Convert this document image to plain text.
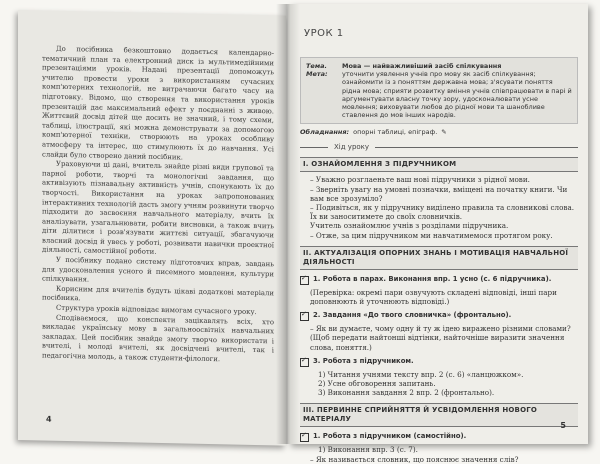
До посібника безкоштовно додається календарно-тематичний план та електронний диск із мультимедійними презентаціями уроків. Надані презентації допоможуть учителю провести уроки з використанням сучасних комп'ютерних технологій, не витрачаючи багато часу на підготовку. Відомо, що створення та використання уроків презентацій дає максимальний ефект у поєднанні з живою. Життєвий досвід дітей ще досить не значний, і тому схеми, таблиці, ілюстрації, які можна демонструвати за допомогою комп'ютерної техніки, створюють на уроках особливу атмосферу та інтерес, що стимулюють їх до навчання. Усі слайди було створено даний посібник.

Ураховуючи ці дані, вчитель знайде різні види групової та парної роботи, творчі та монологічні завдання, що активізують пізнавальну активність учнів, спонукають їх до творчості. Використання на уроках запропонованих інтерактивних технологій дасть змогу учням розвинути творчо підходити до засвоєння навчального матеріалу, вчить їх аналізувати, узагальнювати, робити висновки, а також вчить діти ділитися і розв'язувати життєві ситуації, збагачуючи власний досвід й увесь у роботі, розвивати навички проектної діяльності, самостійної роботи.

У посібнику подано систему підготовчих вправ, завдань для удосконалення усного й писемного мовлення, культури спілкування.

Корисним для вчителів будуть цікаві додаткові матеріали посібника.

Структура уроків відповідає вимогам сучасного уроку.

Сподіваємося, що конспекти зацікавлять всіх, хто викладає українську мову в загальноосвітніх навчальних закладах. Цей посібник знайде змогу творчо використати і вчителі, і молоді вчителі, як досвідчені вчителі, так і педагогічна молодь, а також студенти-філологи.

4
УРОК 1
Тема.	Мова — найважливіший засіб спілкування
Мета:	уточнити уявлення учнів про мову як засіб спілкування; ознайомити із з поняттям державна мова; з'ясувати поняття рідна мова; сприяти розвитку вміння учнів співпрацювати в парі й аргументувати власну точку зору, удосконалювати усне мовлення; виховувати любов до рідної мови та шанобливе ставлення до мов інших народів.
Обладнання: опорні таблиці, епіграф. ✎
Хід уроку
I. ОЗНАЙОМЛЕННЯ З ПІДРУЧНИКОМ
– Уважно розглаеньте ваш нові підручники з рідної мови.
– Зверніть увагу на умовні позначки, вміщені на початку книги. Чи вам все зрозуміло?
– Подивіться, як у підручнику виділено правила та словникові слова. Їх ви заноситимете до своїх словничків.
Учитель ознайомлює учнів з розділами підручника.
– Отже, за цим підручником ми навчатимемося протягом року.
II. АКТУАЛІЗАЦІЯ ОПОРНИХ ЗНАНЬ І МОТИВАЦІЯ НАВЧАЛЬНОЇ ДІЯЛЬНОСТІ
✓
1. Робота в парах. Виконання впр. 1 усно (с. 6 підручника).
(Перевірка: окремі пари озвучують складені відповіді, інші пари доповнюють й уточнюють відповіді.)
✓
2. Завдання «До твого словничка» (фронтально).
– Як ви думаєте, чому одну й ту ж ідею виражено різними словами?
(Щоб передати найтонші відтінки, найточніше виразити значення слова, поняття.)
✓
3. Робота з підручником.
1) Читання учнями тексту впр. 2 (с. 6) «ланцюжком».
2) Усне обговорення запитань.
3) Виконання завдання 2 впр. 2 (фронтально).
III. ПЕРВИННЕ СПРИЙНЯТТЯ Й УСВІДОМЛЕННЯ НОВОГО МАТЕРІАЛУ
✓
1. Робота з підручником (самостійно).
1) Виконання впр. 3 (с. 7).
– Як називається словник, що пояснює значення слів?
5
